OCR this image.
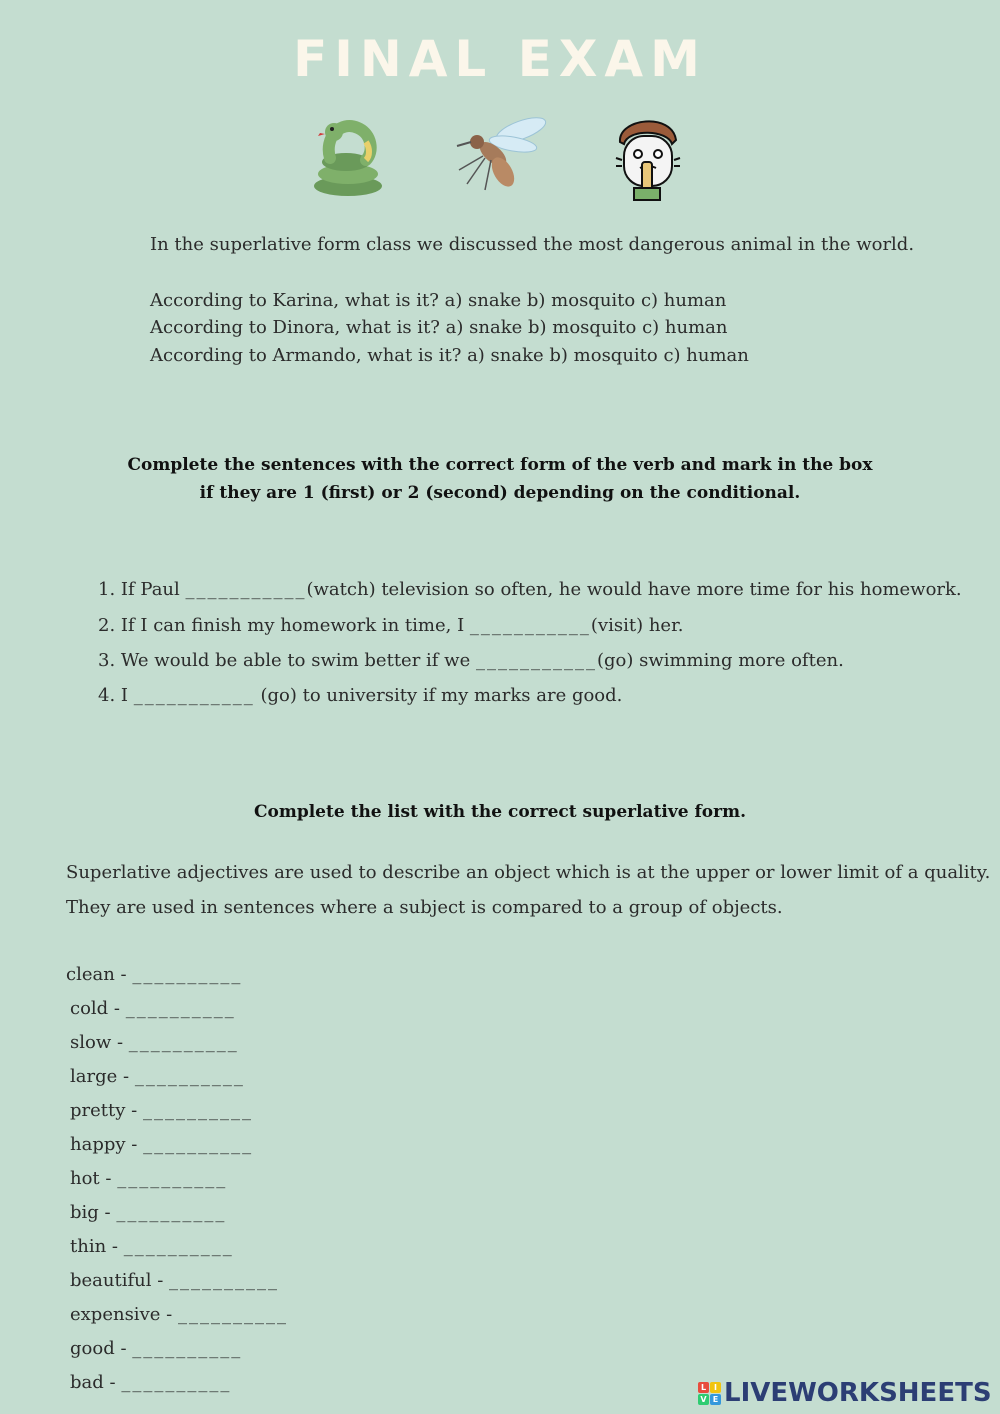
FINAL EXAM
In the superlative form class we discussed the most dangerous animal in the world.
According to Karina, what is it? a) snake b) mosquito c) human
According to Dinora, what is it? a) snake b) mosquito c) human
According to Armando, what is it? a) snake b) mosquito c) human
Complete the sentences with the correct form of the verb and mark in the box
if they are 1 (first) or 2 (second) depending on the conditional.
1. If Paul ___________(watch) television so often, he would have more time for his homework.
2. If I can finish my homework in time, I ___________(visit) her.
3. We would be able to swim better if we ___________(go) swimming more often.
4. I ___________ (go) to university if my marks are good.
Complete the list with the correct superlative form.
Superlative adjectives are used to describe an object which is at the upper or lower limit of a quality.
They are used in sentences where a subject is compared to a group of objects.
clean - __________
cold - __________
slow - __________
large - __________
pretty - __________
happy - __________
hot - __________
big - __________
thin - __________
beautiful - __________
expensive - __________
good - __________
bad - __________	L I
V E LIVEWORKSHEETS
